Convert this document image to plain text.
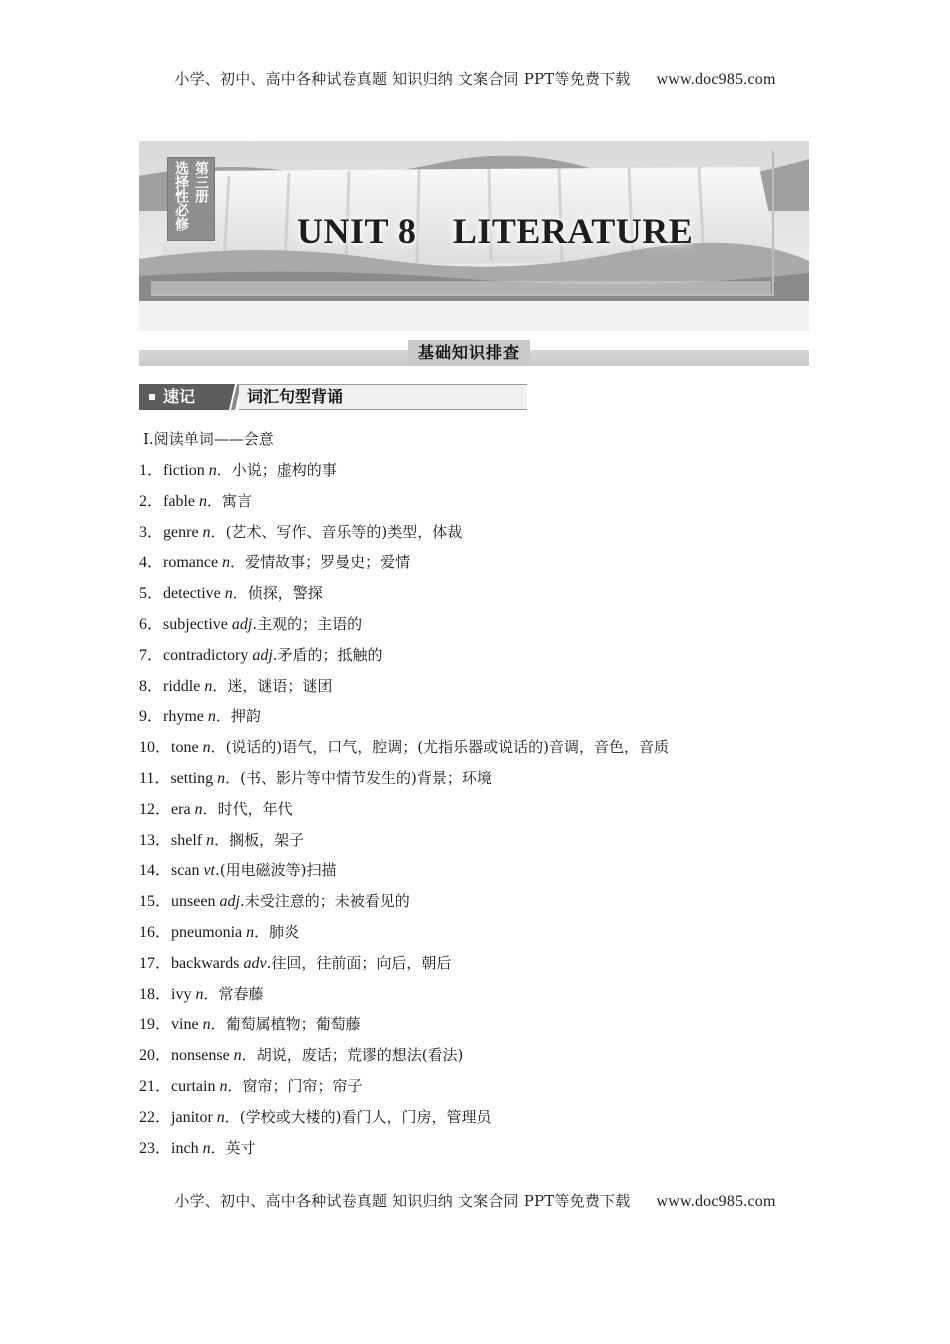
小学、初中、高中各种试卷真题 知识归纳 文案合同 PPT等免费下载 www.doc985.com
选择性必修 第三册
UNIT 8　LITERATURE
基础知识排查
速记	词汇句型背诵
Ⅰ.阅读单词——会意
1．fiction n．小说；虚构的事
2．fable n．寓言
3．genre n．(艺术、写作、音乐等的)类型，体裁
4．romance n．爱情故事；罗曼史；爱情
5．detective n．侦探，警探
6．subjective adj.主观的；主语的
7．contradictory adj.矛盾的；抵触的
8．riddle n．迷，谜语；谜团
9．rhyme n．押韵
10．tone n．(说话的)语气，口气，腔调；(尤指乐器或说话的)音调，音色，音质
11．setting n．(书、影片等中情节发生的)背景；环境
12．era n．时代，年代
13．shelf n．搁板，架子
14．scan vt.(用电磁波等)扫描
15．unseen adj.未受注意的；未被看见的
16．pneumonia n．肺炎
17．backwards adv.往回，往前面；向后，朝后
18．ivy n．常春藤
19．vine n．葡萄属植物；葡萄藤
20．nonsense n．胡说，废话；荒谬的想法(看法)
21．curtain n．窗帘；门帘；帘子
22．janitor n．(学校或大楼的)看门人，门房，管理员
23．inch n．英寸
小学、初中、高中各种试卷真题 知识归纳 文案合同 PPT等免费下载 www.doc985.com
